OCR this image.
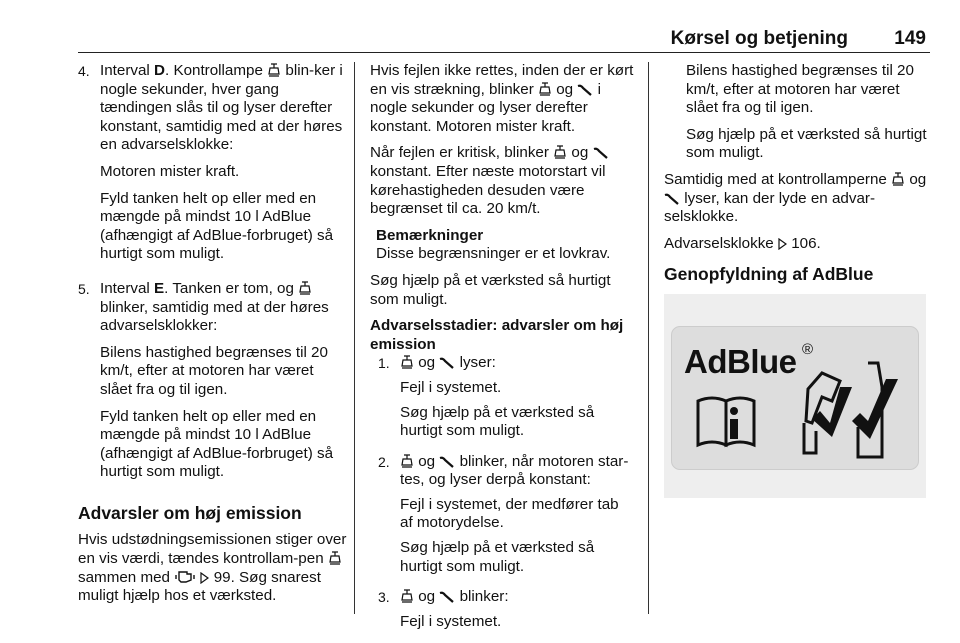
Kørsel og betjening 149
4. Interval D. Kontrollampe  blin-ker i nogle sekunder, hver gang tændingen slås til og lyser derefter konstant, samtidig med at der høres en advarselsklokke:

Motoren mister kraft.

Fyld tanken helt op eller med en mængde på mindst 10 l AdBlue (afhængigt af AdBlue-forbruget) så hurtigt som muligt.

5. Interval E. Tanken er tom, og  blinker, samtidig med at der høres advarselsklokker:

Bilens hastighed begrænses til 20 km/t, efter at motoren har været slået fra og til igen.

Fyld tanken helt op eller med en mængde på mindst 10 l AdBlue (afhængigt af AdBlue-forbruget) så hurtigt som muligt.

Advarsler om høj emission

Hvis udstødningsemissionen stiger over en vis værdi, tændes kontrollam-pen  sammen med	99. Søg snarest muligt hjælp hos et værksted.

Hvis fejlen ikke rettes, inden der er kørt en vis strækning, blinker  og  i nogle sekunder og lyser derefter konstant. Motoren mister kraft.

Når fejlen er kritisk, blinker  og  konstant. Efter næste motorstart vil kørehastigheden desuden være begrænset til ca. 20 km/t.

Bemærkninger
Disse begrænsninger er et lovkrav.

Søg hjælp på et værksted så hurtigt som muligt.

Advarselsstadier: advarsler om høj emission
1.	og  lyser:

Fejl i systemet.

Søg hjælp på et værksted så hurtigt som muligt.

2.	og  blinker, når motoren star-tes, og lyser derpå konstant:

Fejl i systemet, der medfører tab af motorydelse.

Søg hjælp på et værksted så hurtigt som muligt.

3.	og  blinker:

Fejl i systemet.

Bilens hastighed begrænses til 20 km/t, efter at motoren har været slået fra og til igen.

Søg hjælp på et værksted så hurtigt som muligt.

Samtidig med at kontrollamperne  og  lyser, kan der lyde en advar-selsklokke.

Advarselsklokke  106.

Genopfyldning af AdBlue
AdBlue ®
